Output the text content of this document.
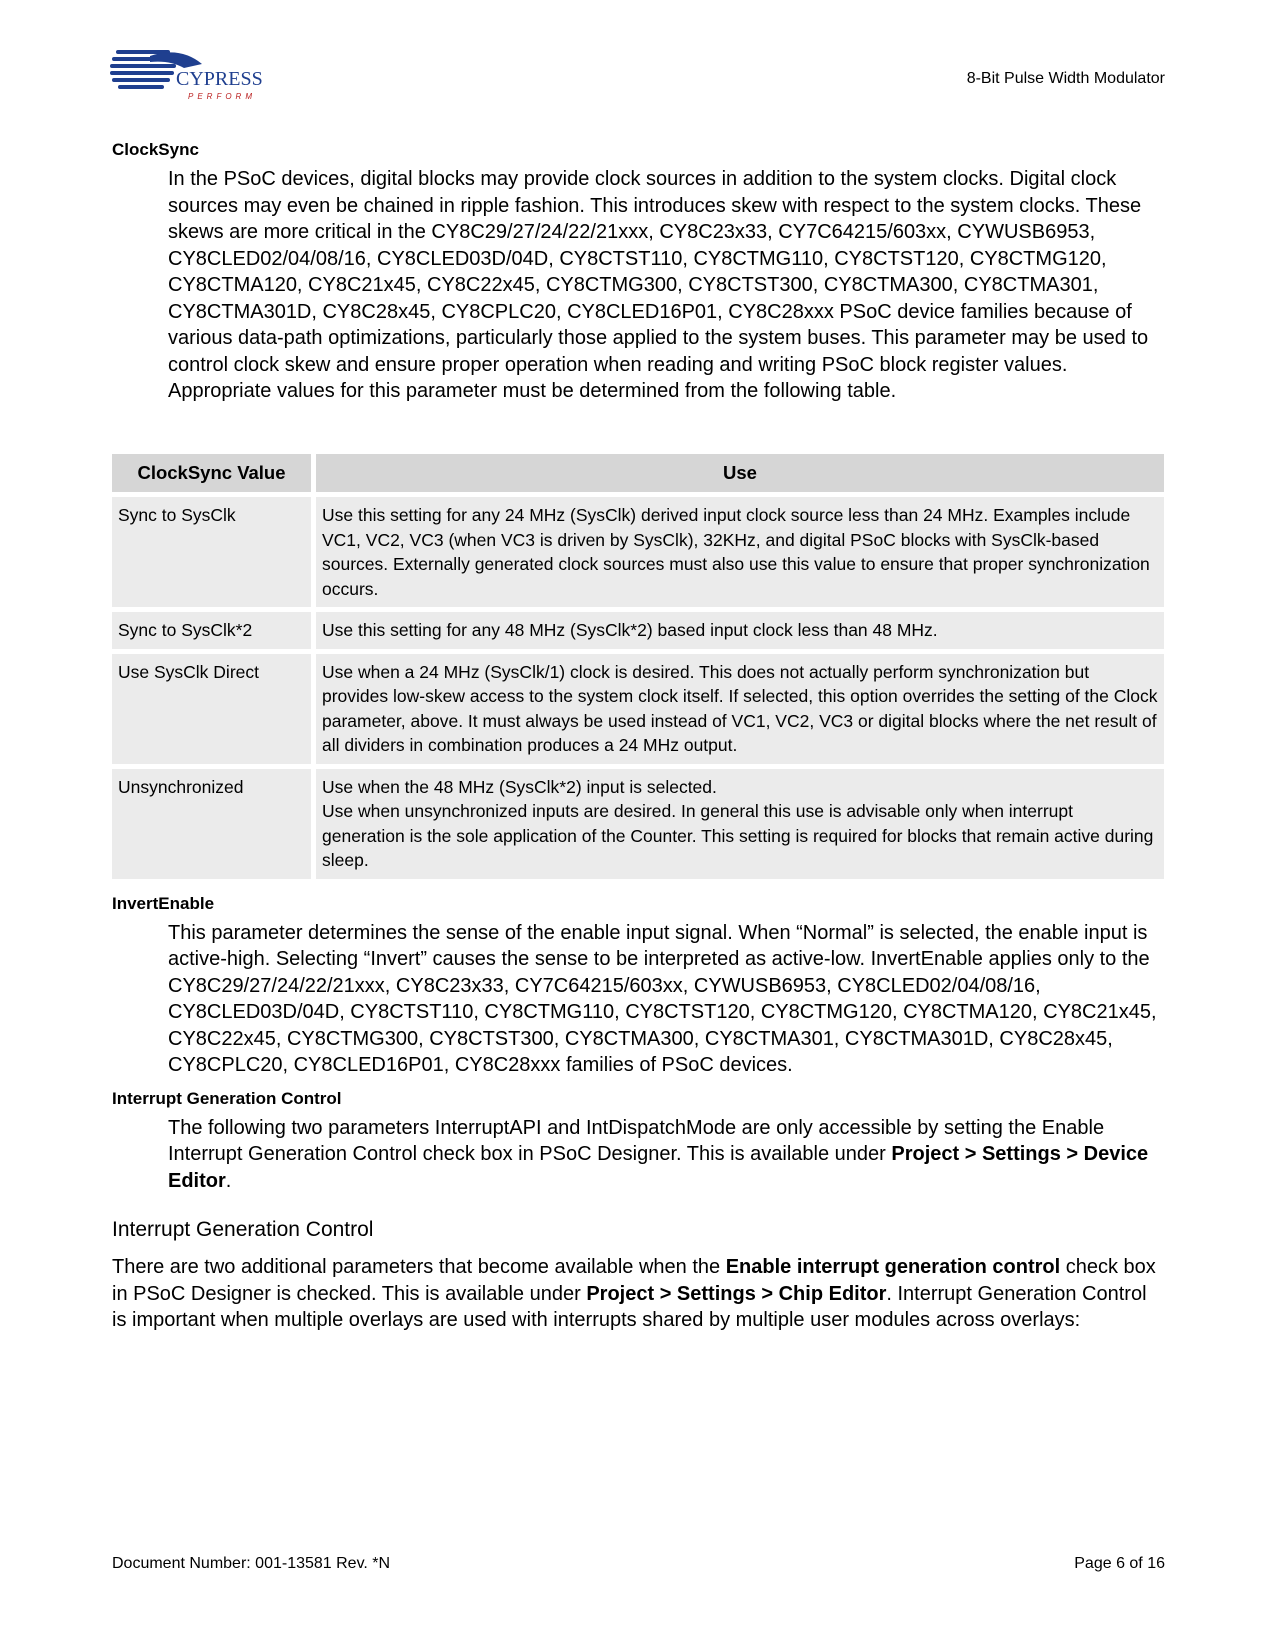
CYPRESS
PERFORM
8-Bit Pulse Width Modulator
ClockSync

In the PSoC devices, digital blocks may provide clock sources in addition to the system clocks. Digital clock sources may even be chained in ripple fashion. This introduces skew with respect to the system clocks. These skews are more critical in the CY8C29/27/24/22/21xxx, CY8C23x33, CY7C64215/603xx, CYWUSB6953, CY8CLED02/04/08/16, CY8CLED03D/04D, CY8CTST110, CY8CTMG110, CY8CTST120, CY8CTMG120, CY8CTMA120, CY8C21x45, CY8C22x45, CY8CTMG300, CY8CTST300, CY8CTMA300, CY8CTMA301, CY8CTMA301D, CY8C28x45, CY8CPLC20, CY8CLED16P01, CY8C28xxx PSoC device families because of various data-path optimizations, particularly those applied to the system buses. This parameter may be used to control clock skew and ensure proper operation when reading and writing PSoC block register values. Appropriate values for this parameter must be determined from the following table.

ClockSync Value	Use
Sync to SysClk	Use this setting for any 24 MHz (SysClk) derived input clock source less than 24 MHz. Examples include VC1, VC2, VC3 (when VC3 is driven by SysClk), 32KHz, and digital PSoC blocks with SysClk-based sources. Externally generated clock sources must also use this value to ensure that proper synchronization occurs.
Sync to SysClk*2	Use this setting for any 48 MHz (SysClk*2) based input clock less than 48 MHz.
Use SysClk Direct	Use when a 24 MHz (SysClk/1) clock is desired. This does not actually perform synchronization but provides low-skew access to the system clock itself. If selected, this option overrides the setting of the Clock parameter, above. It must always be used instead of VC1, VC2, VC3 or digital blocks where the net result of all dividers in combination produces a 24 MHz output.
Unsynchronized	Use when the 48 MHz (SysClk*2) input is selected.
Use when unsynchronized inputs are desired. In general this use is advisable only when interrupt generation is the sole application of the Counter. This setting is required for blocks that remain active during sleep.
InvertEnable

This parameter determines the sense of the enable input signal. When “Normal” is selected, the enable input is active-high. Selecting “Invert” causes the sense to be interpreted as active-low. InvertEnable applies only to the CY8C29/27/24/22/21xxx, CY8C23x33, CY7C64215/603xx, CYWUSB6953, CY8CLED02/04/08/16, CY8CLED03D/04D, CY8CTST110, CY8CTMG110, CY8CTST120, CY8CTMG120, CY8CTMA120, CY8C21x45, CY8C22x45, CY8CTMG300, CY8CTST300, CY8CTMA300, CY8CTMA301, CY8CTMA301D, CY8C28x45, CY8CPLC20, CY8CLED16P01, CY8C28xxx families of PSoC devices.

Interrupt Generation Control

The following two parameters InterruptAPI and IntDispatchMode are only accessible by setting the Enable Interrupt Generation Control check box in PSoC Designer. This is available under Project > Settings > Device Editor.

Interrupt Generation Control

There are two additional parameters that become available when the Enable interrupt generation control check box in PSoC Designer is checked. This is available under Project > Settings > Chip Editor. Interrupt Generation Control is important when multiple overlays are used with interrupts shared by multiple user modules across overlays:

Document Number: 001-13581 Rev. *N	Page 6 of 16
